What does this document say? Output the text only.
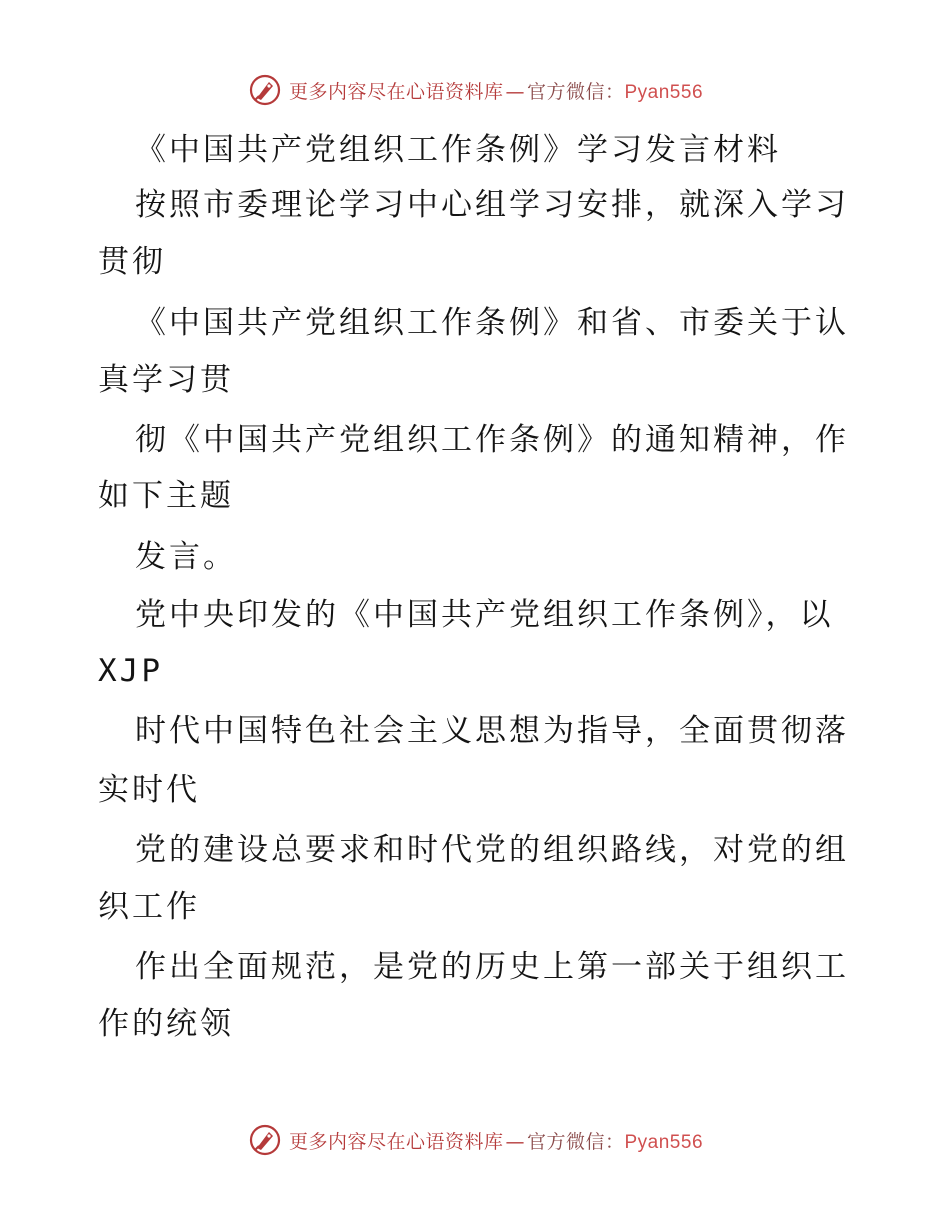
更多内容尽在心语资料库 — 官方微信：Pyan556
《中国共产党组织工作条例》学习发言材料
按照市委理论学习中心组学习安排，就深入学习
贯彻
《中国共产党组织工作条例》和省、市委关于认
真学习贯
彻《中国共产党组织工作条例》的通知精神，作
如下主题
发言。
党中央印发的《中国共产党组织工作条例》，以
XJP
时代中国特色社会主义思想为指导，全面贯彻落
实时代
党的建设总要求和时代党的组织路线，对党的组
织工作
作出全面规范，是党的历史上第一部关于组织工
作的统领
更多内容尽在心语资料库 — 官方微信：Pyan556
